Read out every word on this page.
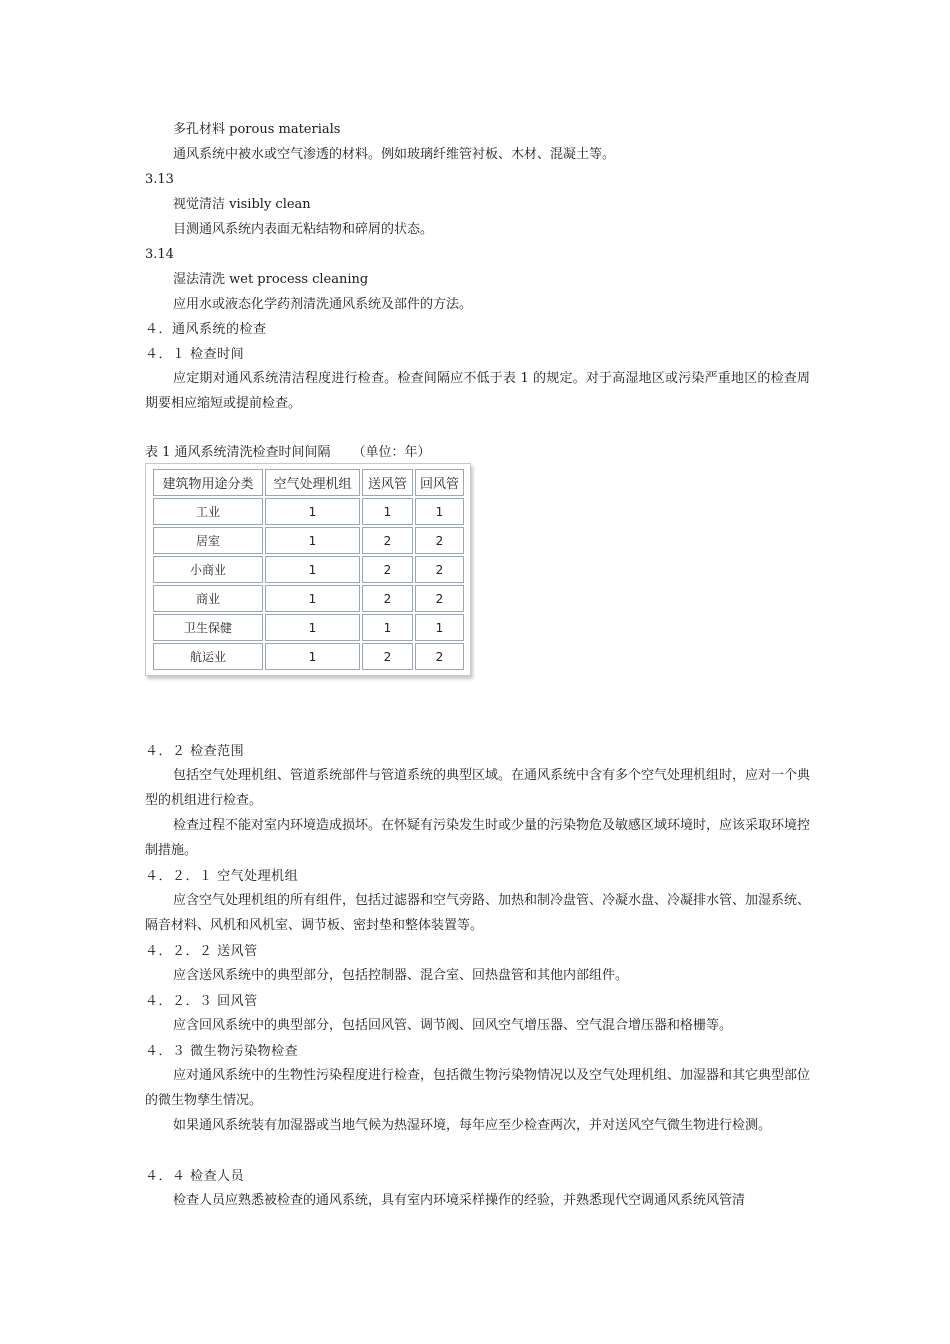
多孔材料 porous materials
通风系统中被水或空气渗透的材料。例如玻璃纤维管衬板、木材、混凝土等。
3.13
视觉清洁 visibly clean
目测通风系统内表面无粘结物和碎屑的状态。
3.14
湿法清洗 wet process cleaning
应用水或液态化学药剂清洗通风系统及部件的方法。
４．通风系统的检查
４．１ 检查时间
应定期对通风系统清洁程度进行检查。检查间隔应不低于表 1 的规定。对于高湿地区或污染严重地区的检查周期要相应缩短或提前检查。
表 1 通风系统清洗检查时间间隔 （单位：年）
建筑物用途分类	空气处理机组	送风管	回风管
工业	1	1	1
居室	1	2	2
小商业	1	2	2
商业	1	2	2
卫生保健	1	1	1
航运业	1	2	2
４．２ 检查范围
包括空气处理机组、管道系统部件与管道系统的典型区域。在通风系统中含有多个空气处理机组时，应对一个典型的机组进行检查。
检查过程不能对室内环境造成损坏。在怀疑有污染发生时或少量的污染物危及敏感区域环境时，应该采取环境控制措施。
４．２．１ 空气处理机组
应含空气处理机组的所有组件，包括过滤器和空气旁路、加热和制冷盘管、冷凝水盘、冷凝排水管、加湿系统、隔音材料、风机和风机室、调节板、密封垫和整体装置等。
４．２．２ 送风管
应含送风系统中的典型部分，包括控制器、混合室、回热盘管和其他内部组件。
４．２．３ 回风管
应含回风系统中的典型部分，包括回风管、调节阀、回风空气增压器、空气混合增压器和格栅等。
４．３ 微生物污染物检查
应对通风系统中的生物性污染程度进行检查，包括微生物污染物情况以及空气处理机组、加湿器和其它典型部位的微生物孳生情况。
如果通风系统装有加湿器或当地气候为热湿环境，每年应至少检查两次，并对送风空气微生物进行检测。
４．４ 检查人员
检查人员应熟悉被检查的通风系统，具有室内环境采样操作的经验，并熟悉现代空调通风系统风管清
